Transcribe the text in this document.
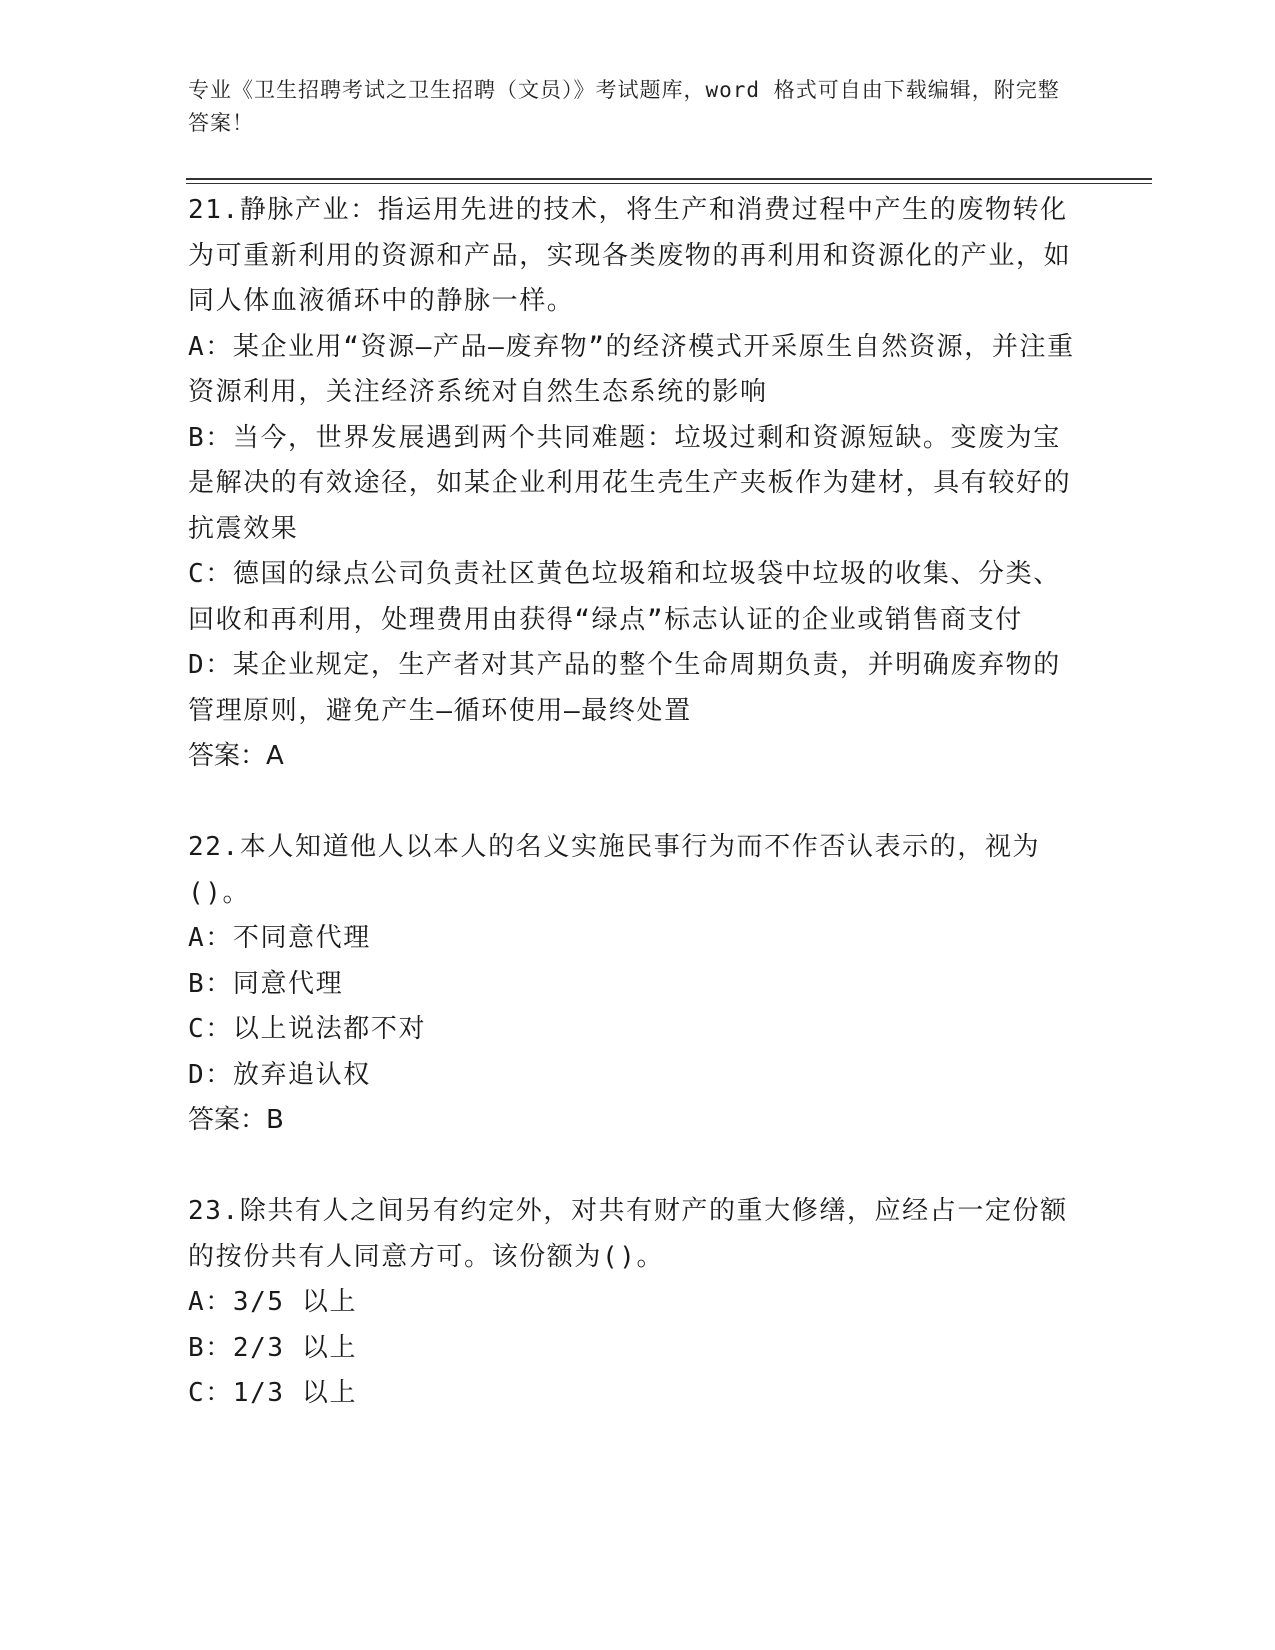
专业《卫生招聘考试之卫生招聘（文员）》考试题库，word 格式可自由下载编辑，附完整答案！

21.静脉产业：指运用先进的技术，将生产和消费过程中产生的废物转化为可重新利用的资源和产品，实现各类废物的再利用和资源化的产业，如同人体血液循环中的静脉一样。

A：某企业用“资源—产品—废弃物”的经济模式开采原生自然资源，并注重资源利用，关注经济系统对自然生态系统的影响

B：当今，世界发展遇到两个共同难题：垃圾过剩和资源短缺。变废为宝是解决的有效途径，如某企业利用花生壳生产夹板作为建材，具有较好的抗震效果

C：德国的绿点公司负责社区黄色垃圾箱和垃圾袋中垃圾的收集、分类、回收和再利用，处理费用由获得“绿点”标志认证的企业或销售商支付

D：某企业规定，生产者对其产品的整个生命周期负责，并明确废弃物的管理原则，避免产生—循环使用—最终处置

答案：A

22.本人知道他人以本人的名义实施民事行为而不作否认表示的，视为()。

A：不同意代理

B：同意代理

C：以上说法都不对

D：放弃追认权

答案：B

23.除共有人之间另有约定外，对共有财产的重大修缮，应经占一定份额的按份共有人同意方可。该份额为()。

A：3/5 以上

B：2/3 以上

C：1/3 以上
